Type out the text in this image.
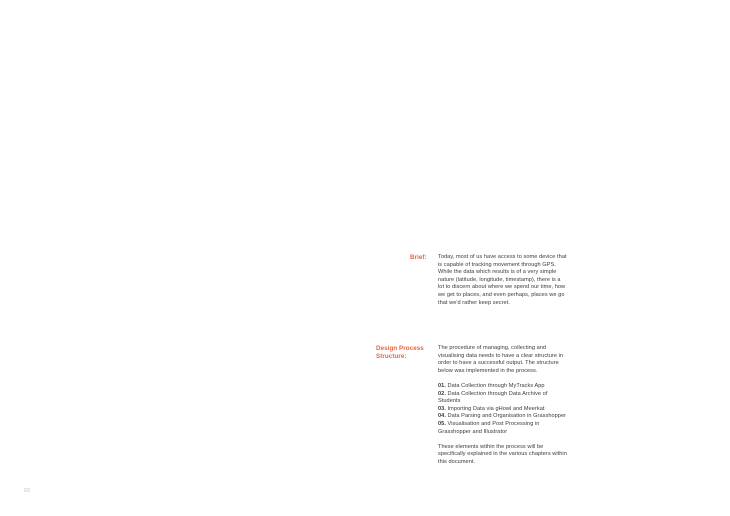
Brief:	Today, most of us have access to some device that is capable of tracking movement through GPS. While the data which results is of a very simple nature (latitude, longitude, timestamp), there is a lot to discern about where we spend our time, how we get to places, and even perhaps, places we go that we'd rather keep secret.
Design Process Structure:

The procedure of managing, collecting and visualising data needs to have a clear structure in order to have a successful output. The structure below was implemented in the process.

01. Data Collection through MyTracks App
02. Data Collection through Data Archive of Students
03. Importing Data via gHowl and Meerkat
04. Data Parsing and Organisation in Grasshopper
05. Visualisation and Post Processing in Grasshopper and Illustrator

These elements within the process will be specifically explained in the various chapters within this document.

02
